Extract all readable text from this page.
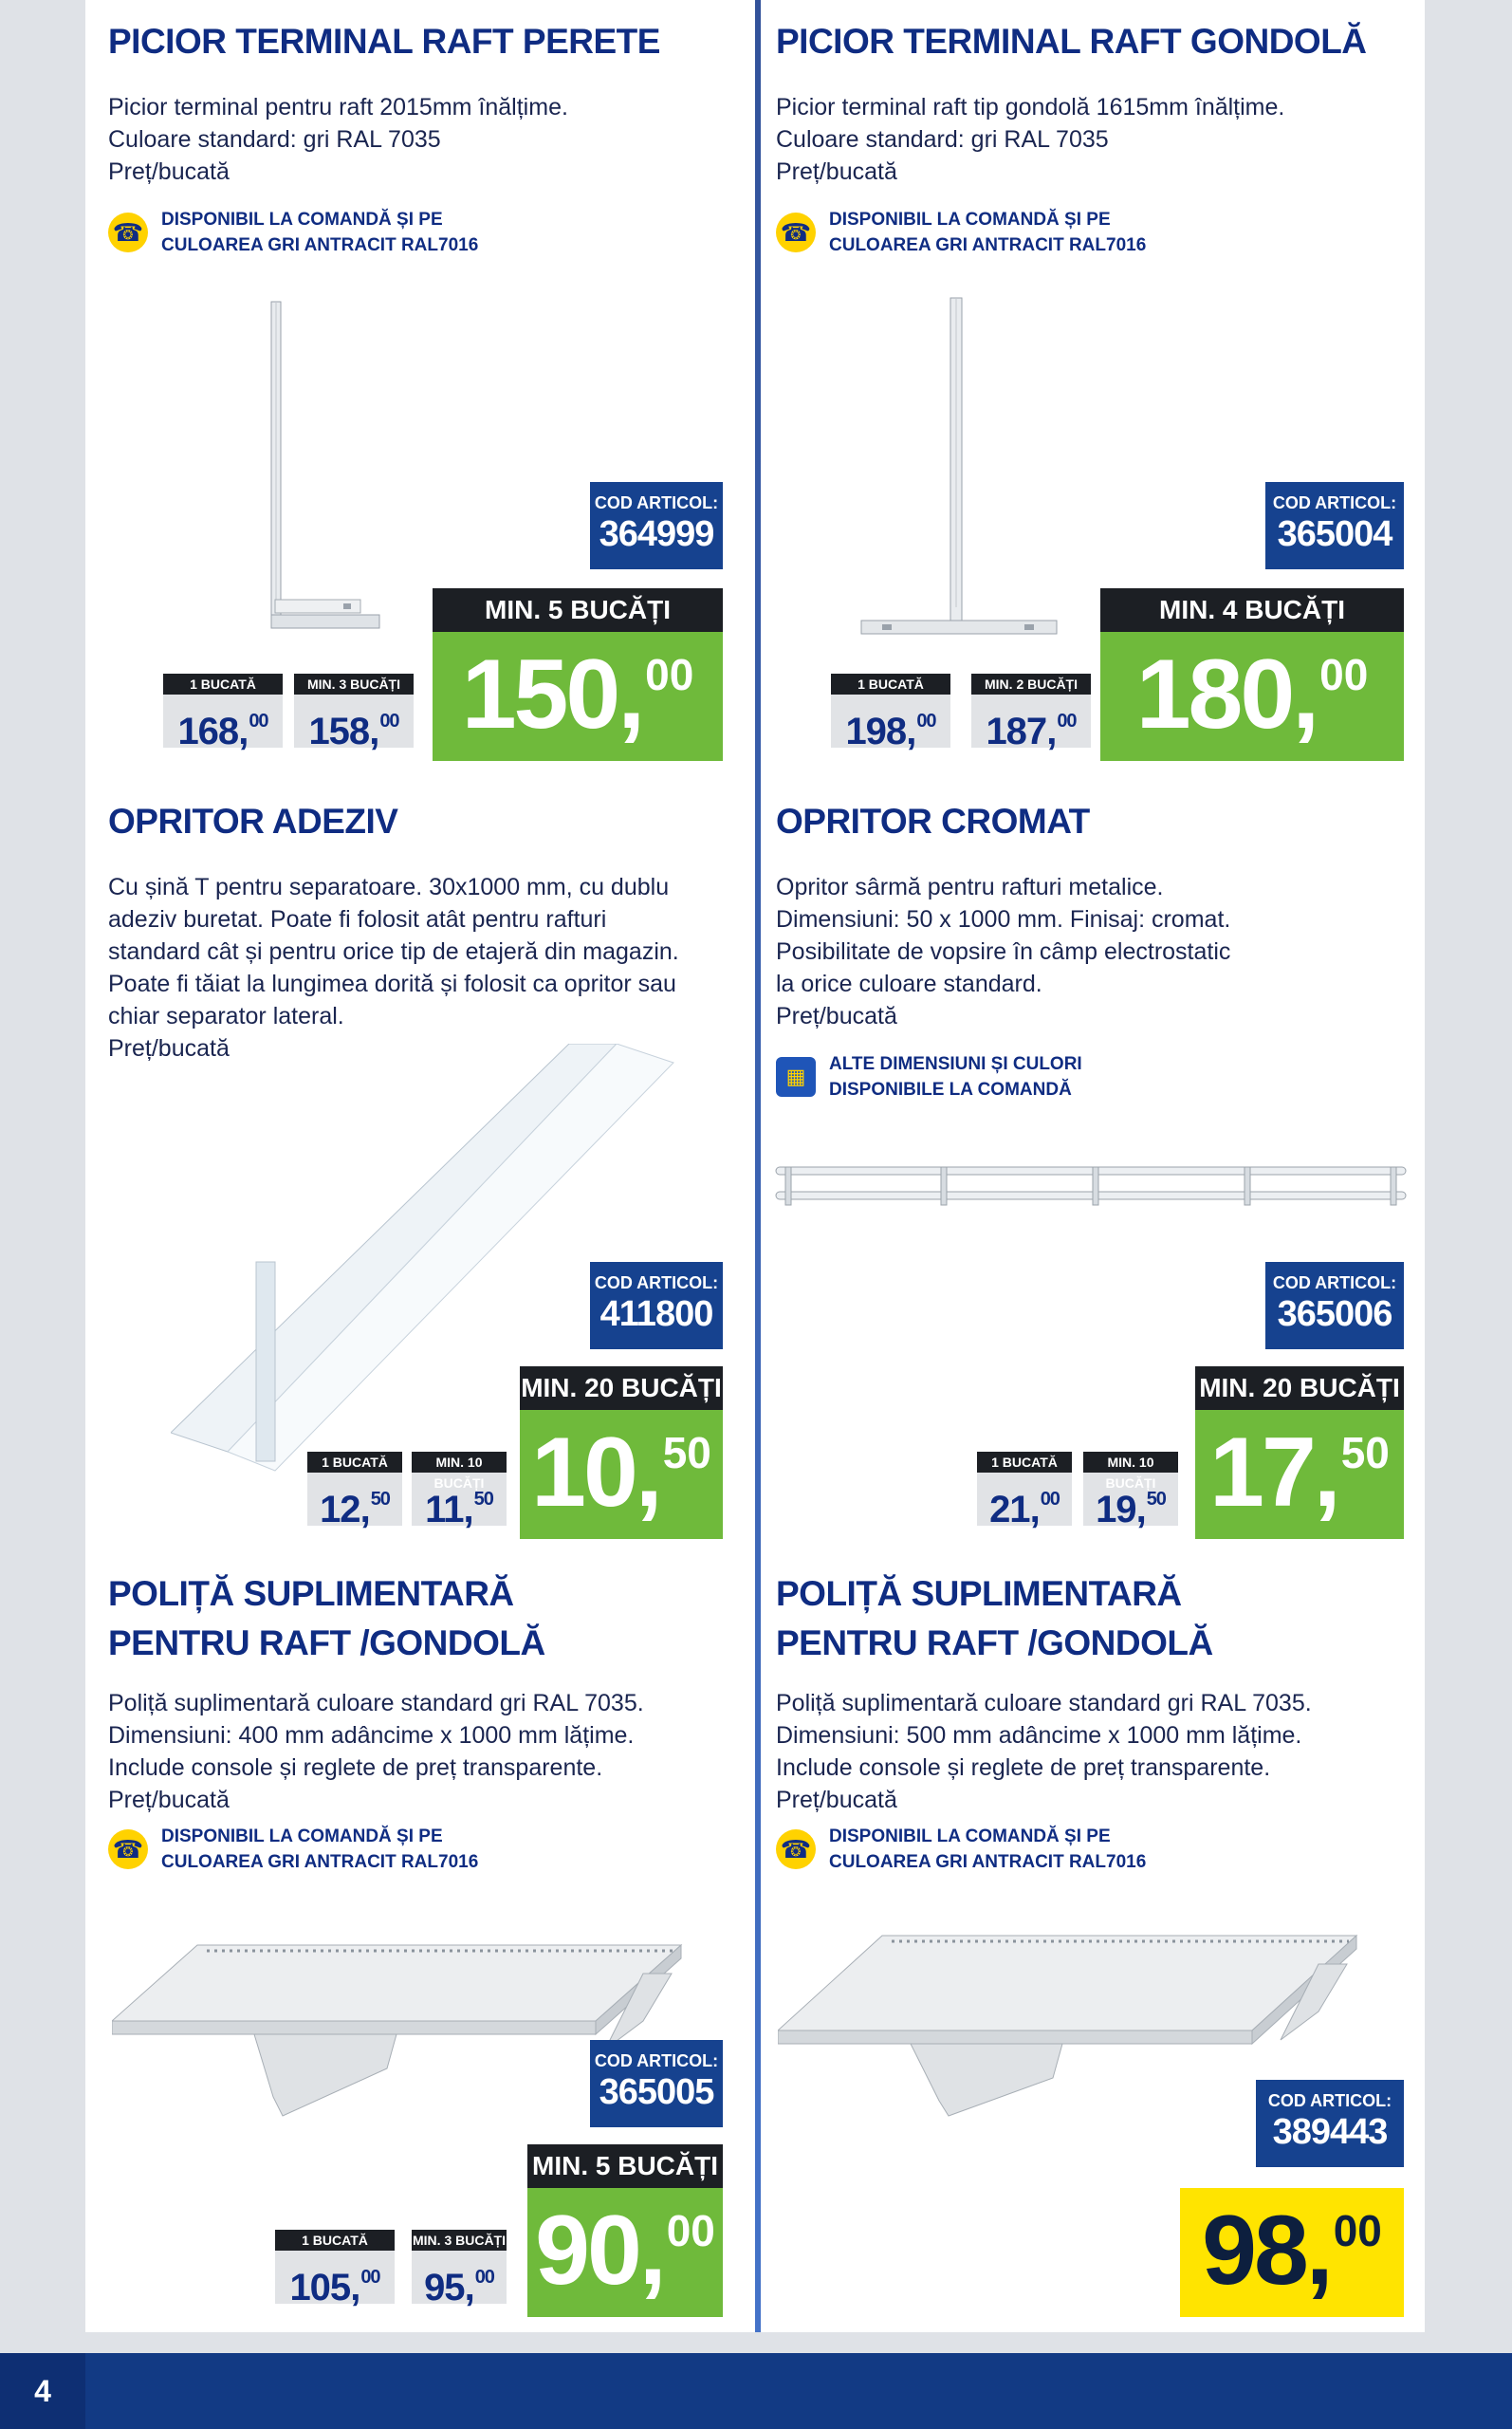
PICIOR TERMINAL RAFT PERETE
Picior terminal pentru raft 2015mm înălțime.
Culoare standard: gri RAL 7035
Preț/bucată
☎ DISPONIBIL LA COMANDĂ ȘI PE
CULOAREA GRI ANTRACIT RAL7016
COD ARTICOL:
364999
MIN. 5 BUCĂȚI
150 , 00
1 BUCATĂ
168,00
MIN. 3 BUCĂȚI
158,00
PICIOR TERMINAL RAFT GONDOLĂ
Picior terminal raft tip gondolă 1615mm înălțime.
Culoare standard: gri RAL 7035
Preț/bucată
☎ DISPONIBIL LA COMANDĂ ȘI PE
CULOAREA GRI ANTRACIT RAL7016
COD ARTICOL:
365004
MIN. 4 BUCĂȚI
180 , 00
1 BUCATĂ
198,00
MIN. 2 BUCĂȚI
187,00
OPRITOR ADEZIV
Cu șină T pentru separatoare. 30x1000 mm, cu dublu
adeziv buretat. Poate fi folosit atât pentru rafturi
standard cât și pentru orice tip de etajeră din magazin.
Poate fi tăiat la lungimea dorită și folosit ca opritor sau
chiar separator lateral.
Preț/bucată
COD ARTICOL:
411800
MIN. 20 BUCĂȚI
10 , 50
1 BUCATĂ
12,50
MIN. 10
11,50
OPRITOR CROMAT
Opritor sârmă pentru rafturi metalice.
Dimensiuni: 50 x 1000 mm. Finisaj: cromat.
Posibilitate de vopsire în câmp electrostatic
la orice culoare standard.
Preț/bucată
▦
ALTE DIMENSIUNI ȘI CULORI
DISPONIBILE LA COMANDĂ
COD ARTICOL:
365006
MIN. 20 BUCĂȚI
17 , 50
1 BUCATĂ
21,00
MIN. 10
19,50
POLIȚĂ SUPLIMENTARĂ
PENTRU RAFT /GONDOLĂ
Poliță suplimentară culoare standard gri RAL 7035.
Dimensiuni: 400 mm adâncime x 1000 mm lățime.
Include console și reglete de preț transparente.
Preț/bucată
☎ DISPONIBIL LA COMANDĂ ȘI PE
CULOAREA GRI ANTRACIT RAL7016
COD ARTICOL:
365005
MIN. 5 BUCĂȚI
90 , 00
1 BUCATĂ
105,00
MIN. 3 BUCĂȚI
95,00
POLIȚĂ SUPLIMENTARĂ
PENTRU RAFT /GONDOLĂ
Poliță suplimentară culoare standard gri RAL 7035.
Dimensiuni: 500 mm adâncime x 1000 mm lățime.
Include console și reglete de preț transparente.
Preț/bucată
☎ DISPONIBIL LA COMANDĂ ȘI PE
CULOAREA GRI ANTRACIT RAL7016
COD ARTICOL:
389443
98 , 00
4
